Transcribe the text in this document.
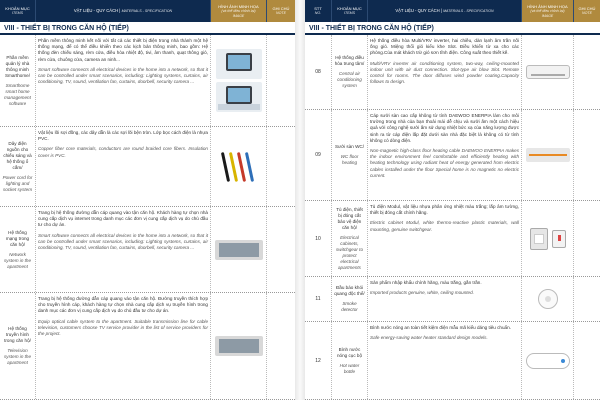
KHOẢN MỤC
ITEMS	VẬT LIỆU - QUY CÁCH | MATERIALS - SPECIFICATION
HÌNH ẢNH MINH HỌA
(và thể điều chỉnh lại)
IMAGE
GHI CHÚ
NOTE
VIII - THIẾT BỊ TRONG CĂN HỘ (TIẾP)
Phần mềm quản lý nhà thông minh Smarthome/
Smarthome smart home management software
Phần mềm thông minh kết nối với tất cả các thiết bị điện trong nhà thành một hệ thống mạng, để có thể điều khiển theo các kịch bản thông minh, bao gồm: Hệ thống đèn chiếu sáng, rèm cửa, điều hòa nhiệt độ, tivi, âm thanh, quạt thông gió, rèm cửa, chuông cửa, camera an ninh...
Smart software connects all electrical devices in the home into a network, so that it can be controlled under smart scenarios, including: Lighting systems, curtains, air conditioning, TV, sound, ventilation fan, curtains, doorbell, security camera ...
Dây điện nguồn cho chiếu sáng và hệ thống ổ cắm/
Power cord for lighting and socket system
Vật liệu lõi sợi đồng, các dây dẫn là các sợi lõi bện tròn. Lớp bọc cách điện là nhựa PVC.
Copper fiber core materials, conductors are round braided core fibers. Insulation cover is PVC.
Hệ thống mạng trong căn hộ/
Network system in the apartment
Trang bị hệ thống đường dẫn cáp quang vào tận căn hộ. Khách hàng tự chọn nhà cung cấp dịch vụ internet trong danh mục các đơn vị cung cấp dịch vụ do chủ đầu tư cho dự án.
Smart software connects all electrical devices in the home into a network, so that it can be controlled under smart scenarios, including: Lighting systems, curtains, air conditioning, TV, sound, ventilation fan, curtains, doorbell, security camera ...
Hệ thống truyền hình trong căn hộ/
Television system in the apartment
Trang bị hệ thống đường dẫn cáp quang vào tận căn hộ. Đường truyền thích hợp cho truyền hình cáp, khách hàng tự chọn nhà cung cấp dịch vụ truyền hình trong danh mục các đơn vị cung cấp dịch vụ do chủ đầu tư cho dự án.
Equip optical cable system to the apartment. Suitable transmission line for cable television, customers choose TV service provider in the list of service providers for the project.
STT
NO.
KHOẢN MỤC
ITEMS	VẬT LIỆU - QUY CÁCH | MATERIALS - SPECIFICATION
HÌNH ẢNH MINH HỌA
(và thể điều chỉnh lại)
IMAGE
GHI CHÚ
NOTE
VIII - THIẾT BỊ TRONG CĂN HỘ (TIẾP)
08
Hệ thống điều hòa trung tâm/
Central air conditioning system
Hệ thống điều hòa Multi/VRV inverter, hai chiều, dàn lạnh âm trần nối ống gió. Miệng thổi gió kiểu khe Slot. Điều khiển từ xa cho các phòng.Của mát khách trừ gió sơn tĩnh điện. Công suất theo thiết kế.
Multi/VRV inverter air conditioning system, two-way, ceiling-mounted indoor unit with air duct connection. Slot-type air blow Slot. Remote control for rooms. The door diffuses wind powder coating.Capacity follows to design.
09
Sưởi sàn WC/
WC floor heating
Cáp sưởi sàn cao cấp không từ tính DAEWOO ENERPIA làm cho môi trường trong nhà của bạn thoải mái dễ chịu và sưởi ấm một cách hiệu quả với công nghệ sưởi ấm sử dụng nhiệt bức xạ của năng lượng được sinh ra từ cáp điện lắp đặt dưới sàn nhà đặc biệt là không có từ tính không có dòng điện.
Non-magnetic high-class floor heating cable DAEWOO ENERPIA makes the indoor environment feel comfortable and efficiently heating with heating technology using radiant heat of energy generated from electric cables installed under the floor Special home is no magnetic no electric current.
10
Tủ điện, thiết bị đóng cắt bảo vệ điện căn hộ/
Electrical cabinets, switchgear to protect electrical apartments
Tủ điện Modul, vật liệu nhựa phân ứng nhiệt màu trắng; lắp âm tường, thiết bị đóng cắt chính hãng.
Electric cabinet Modul, white thermo-reactive plastic materials, wall mounting, genuine switchgear.
11
Đầu báo khói quang độc thể/
Smoke detector
Sản phẩm nhập khẩu chính hãng, màu trắng, gắn trần.
Imported products genuine, white, ceiling mounted.
12
Bình nước nóng cục bộ
Hot water bottle
Bình nước nóng an toàn tiết kiệm điện mẫu mã kiểu dáng tiêu chuẩn.
Safe energy-saving water heater standard design models.
